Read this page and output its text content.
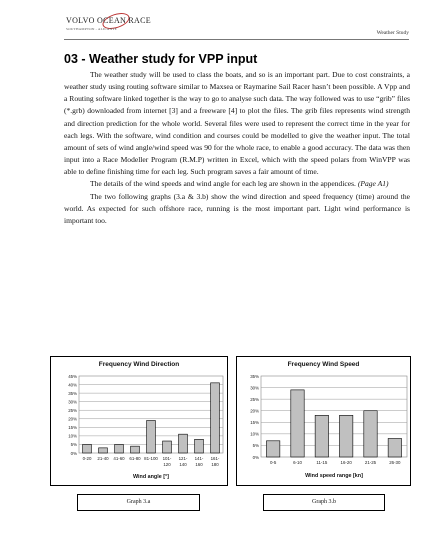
VOLVO OCEAN RACE
SOUTHAMPTON - ALICANTE
Weather Study
03 - Weather study for VPP input

The weather study will be used to class the boats, and so is an important part. Due to cost constraints, a weather study using routing software similar to Maxsea or Raymarine Sail Racer hasn’t been possible. A Vpp and a Routing software linked together is the way to go to analyse such data. The way followed was to use “grib” files (*.grb) downloaded from internet [3] and a freeware [4] to plot the files. The grib files represents wind strength and direction prediction for the whole world. Several files were used to represent the correct time in the year for each legs. With the software, wind condition and courses could be modelled to give the weather input. The total amount of sets of wind angle/wind speed was 90 for the whole race, to enable a good accuracy. The data was then input into a Race Modeller Program (R.M.P) written in Excel, which with the speed polars from WinVPP was able to define finishing time for each leg. Such program saves a fair amount of time.

The details of the wind speeds and wind angle for each leg are shown in the appendices. (Page A1)

The two following graphs (3.a & 3.b) show the wind direction and speed frequency (time) around the world. As expected for such offshore race, running is the most important part. Light wind performance is important too.

Frequency Wind Direction
0%
5%
10%
15%
20%
25%
30%
35%
40%
45%
0-20 21-40 41-60 61-80 81-100 101-120
121-140
141-160
161-180
Wind angle [°]
Frequency Wind Speed
0%
5%
10%
15%
20%
25%
30%
35%
0-5	6-10	11-15	16-20	21-25	26-30
Wind speed range [kn]
Graph 3.a	Graph 3.b
